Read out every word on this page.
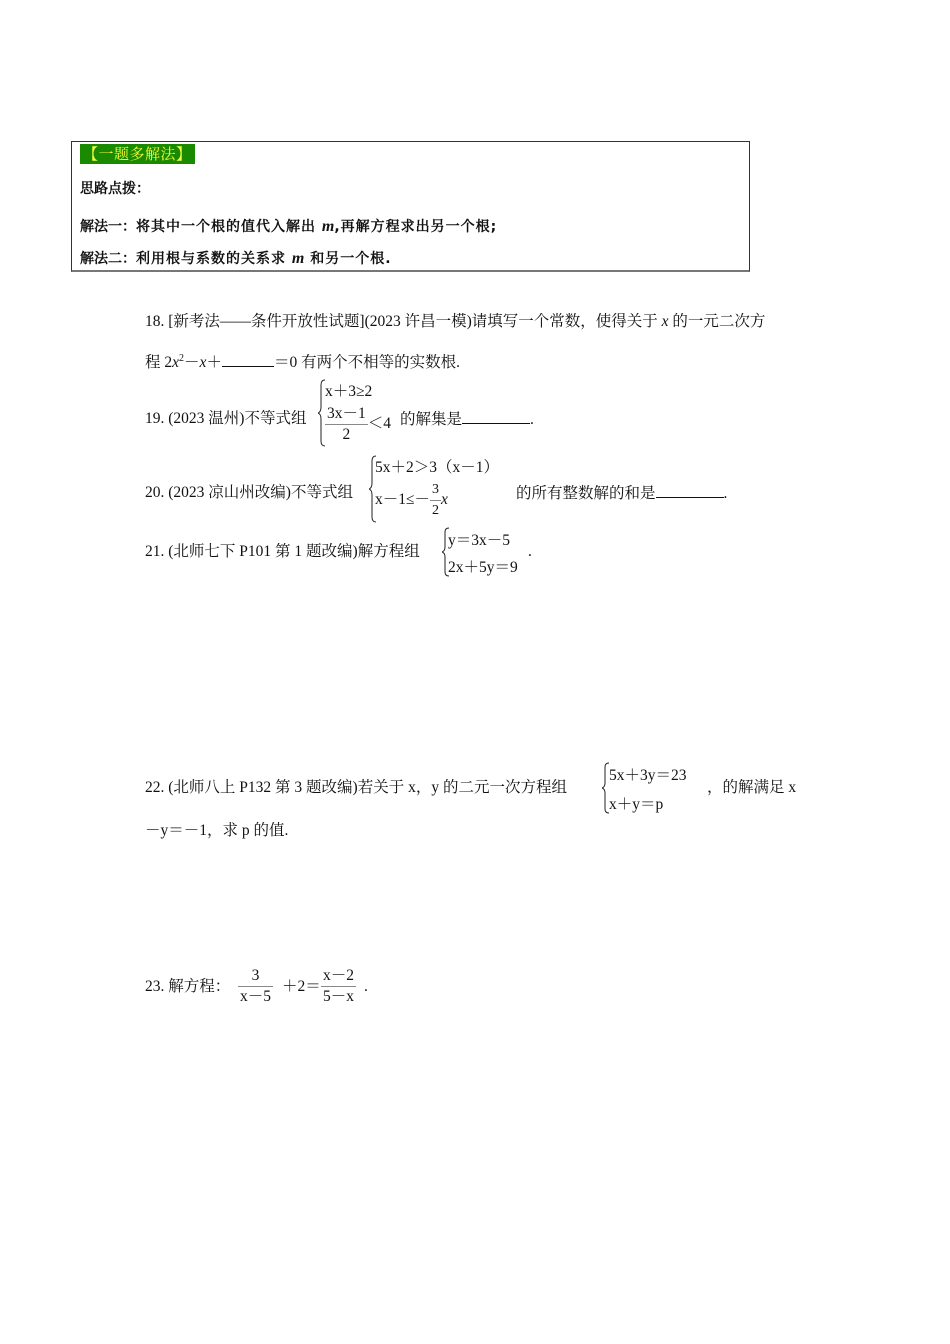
【一题多解法】
思路点拨：
解法一：将其中一个根的值代入解出 m,再解方程求出另一个根;
解法二：利用根与系数的关系求 m 和另一个根.
18. [新考法——条件开放性试题](2023 许昌一模)请填写一个常数，使得关于 x 的一元二次方
程 $2x^2-x+$	＝0 有两个不相等的实数根.
19. (2023 温州)不等式组
x＋3≥2
$\frac{3x-1}{2} <4$ 的解集是	.
20. (2023 凉山州改编)不等式组
5x＋2＞3（x－1）
$x-1\le- \frac{3}{2}$ x	的所有整数解的和是	.
21. (北师七下 P101 第 1 题改编)解方程组
y＝3x－5
2x＋5y＝9
.
22. (北师八上 P132 第 3 题改编)若关于 x，y 的二元一次方程组
5x＋3y＝23
x＋y＝p
，的解满足 x
－y＝－1，求 p 的值.
23. 解方程： $\frac{3}{x-5} +2= \frac{x-2}{5-x}$ .
